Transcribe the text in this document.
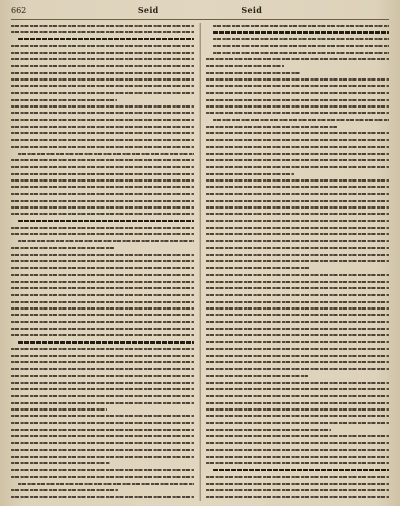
662	Seid	Seid
